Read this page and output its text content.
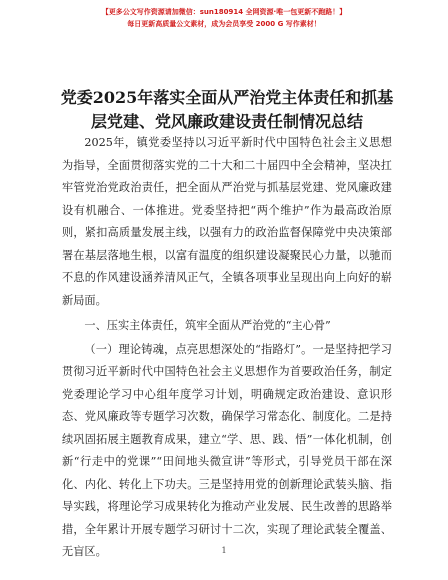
【更多公文写作资源请加微信：sun180914 全网资源·唯一包更新不跑路！】
每日更新高质量公文素材，成为会员享受 2000 G 写作素材！
党委2025年落实全面从严治党主体责任和抓基层党建、党风廉政建设责任制情况总结

2025年，镇党委坚持以习近平新时代中国特色社会主义思想为指导，全面贯彻落实党的二十大和二十届四中全会精神，坚决扛牢管党治党政治责任，把全面从严治党与抓基层党建、党风廉政建设有机融合、一体推进。党委坚持把“两个维护”作为最高政治原则，紧扣高质量发展主线，以强有力的政治监督保障党中央决策部署在基层落地生根，以富有温度的组织建设凝聚民心力量，以驰而不息的作风建设涵养清风正气，全镇各项事业呈现出向上向好的崭新局面。

一、压实主体责任，筑牢全面从严治党的“主心骨”

（一）理论铸魂，点亮思想深处的“指路灯”。一是坚持把学习贯彻习近平新时代中国特色社会主义思想作为首要政治任务，制定党委理论学习中心组年度学习计划，明确规定政治建设、意识形态、党风廉政等专题学习次数，确保学习常态化、制度化。二是持续巩固拓展主题教育成果，建立“学、思、践、悟”一体化机制，创新“行走中的党课”“田间地头微宣讲”等形式，引导党员干部在深化、内化、转化上下功夫。三是坚持用党的创新理论武装头脑、指导实践，将理论学习成果转化为推动产业发展、民生改善的思路举措，全年累计开展专题学习研讨十二次，实现了理论武装全覆盖、无盲区。	1
